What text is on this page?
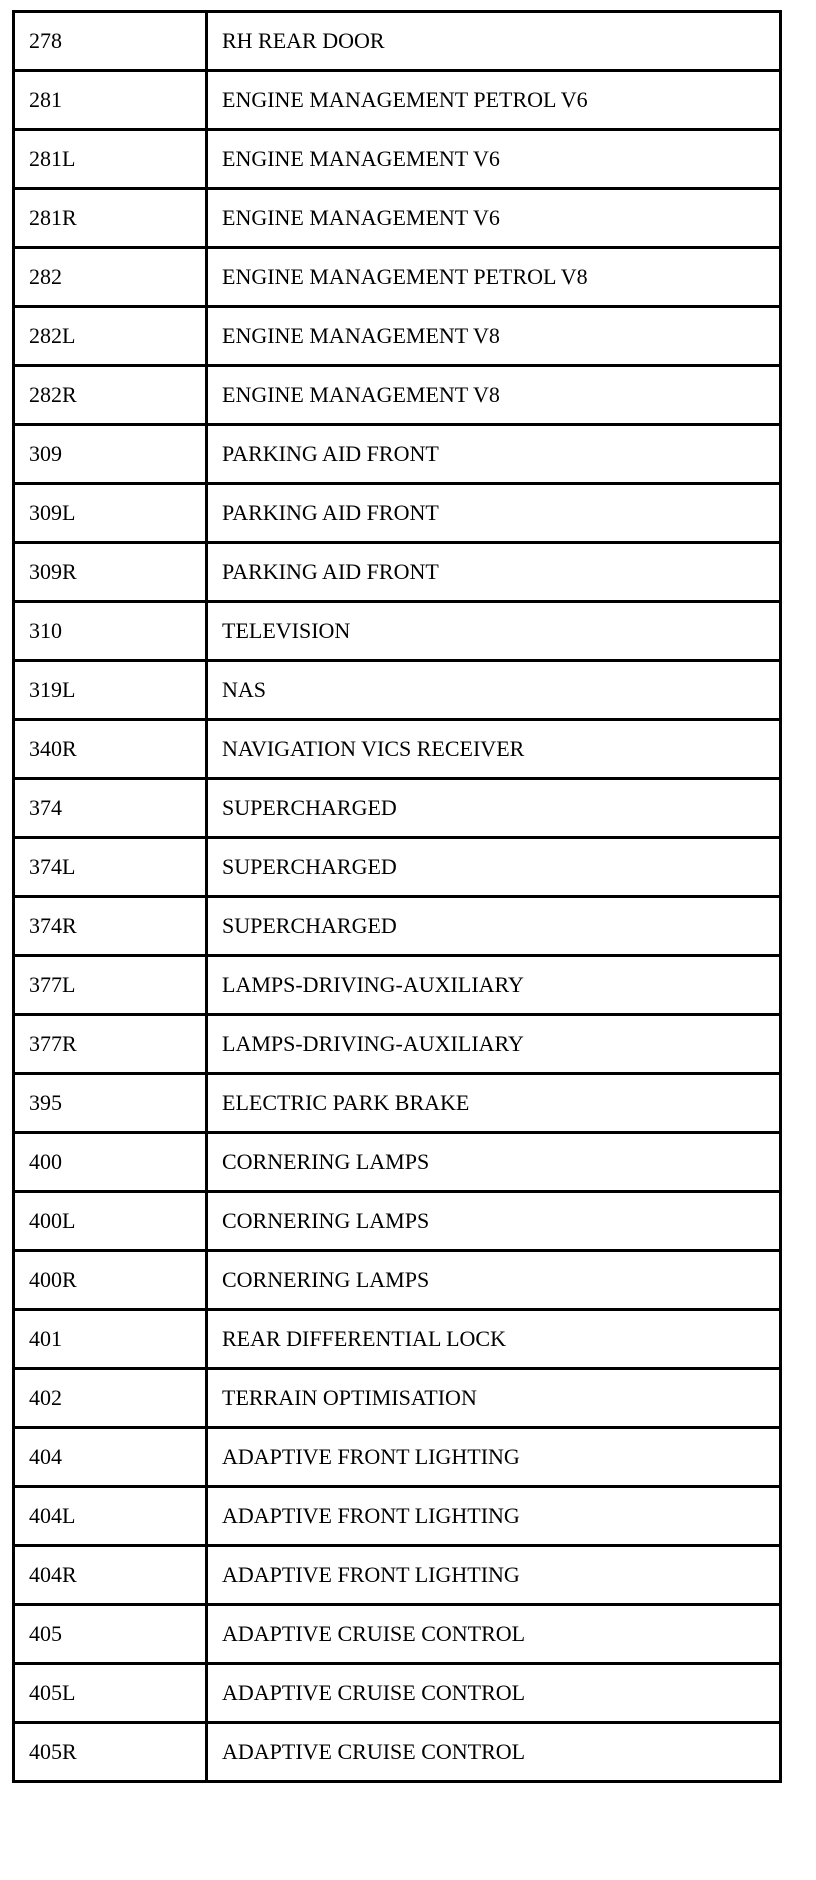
278	RH REAR DOOR
281	ENGINE MANAGEMENT PETROL V6
281L	ENGINE MANAGEMENT V6
281R	ENGINE MANAGEMENT V6
282	ENGINE MANAGEMENT PETROL V8
282L	ENGINE MANAGEMENT V8
282R	ENGINE MANAGEMENT V8
309	PARKING AID FRONT
309L	PARKING AID FRONT
309R	PARKING AID FRONT
310	TELEVISION
319L	NAS
340R	NAVIGATION VICS RECEIVER
374	SUPERCHARGED
374L	SUPERCHARGED
374R	SUPERCHARGED
377L	LAMPS-DRIVING-AUXILIARY
377R	LAMPS-DRIVING-AUXILIARY
395	ELECTRIC PARK BRAKE
400	CORNERING LAMPS
400L	CORNERING LAMPS
400R	CORNERING LAMPS
401	REAR DIFFERENTIAL LOCK
402	TERRAIN OPTIMISATION
404	ADAPTIVE FRONT LIGHTING
404L	ADAPTIVE FRONT LIGHTING
404R	ADAPTIVE FRONT LIGHTING
405	ADAPTIVE CRUISE CONTROL
405L	ADAPTIVE CRUISE CONTROL
405R	ADAPTIVE CRUISE CONTROL
